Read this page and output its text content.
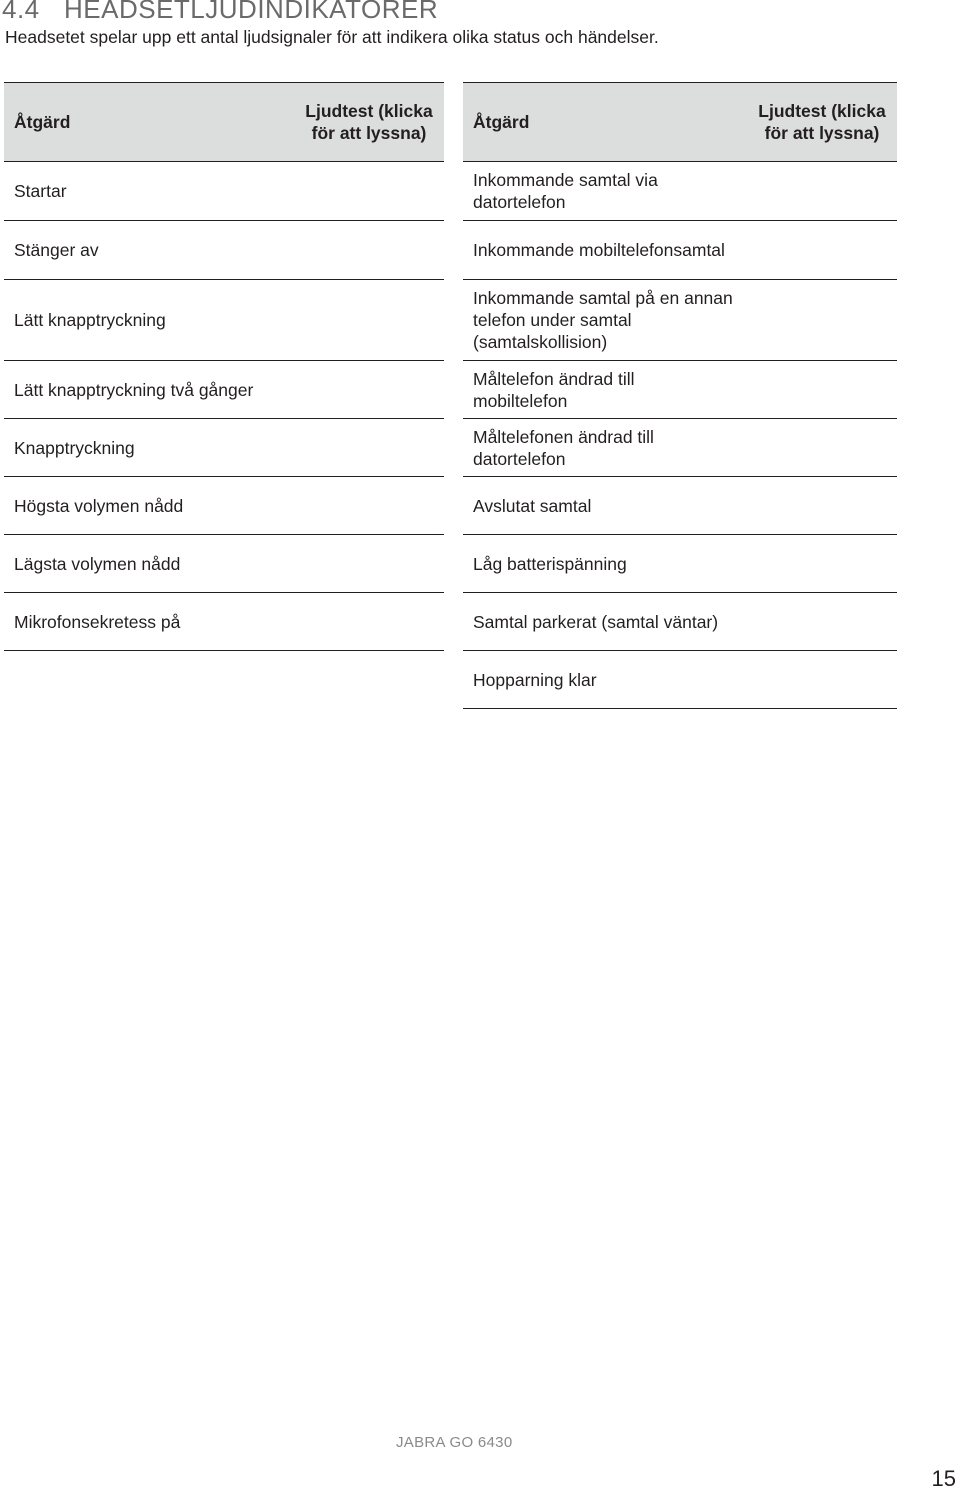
4.4 HEADSETLJUDINDIKATORER

Headsetet spelar upp ett antal ljudsignaler för att indikera olika status och händelser.

Åtgärd
Ljudtest (klicka för att lyssna)
Startar
Stänger av
Lätt knapptryckning
Lätt knapptryckning två gånger
Knapptryckning
Högsta volymen nådd
Lägsta volymen nådd
Mikrofonsekretess på
Åtgärd
Ljudtest (klicka för att lyssna)
Inkommande samtal via datortelefon
Inkommande mobiltelefonsamtal
Inkommande samtal på en annan telefon under samtal (samtalskollision)
Måltelefon ändrad till mobiltelefon
Måltelefonen ändrad till datortelefon
Avslutat samtal
Låg batterispänning
Samtal parkerat (samtal väntar)
Hopparning klar
JABRA GO 6430
15
